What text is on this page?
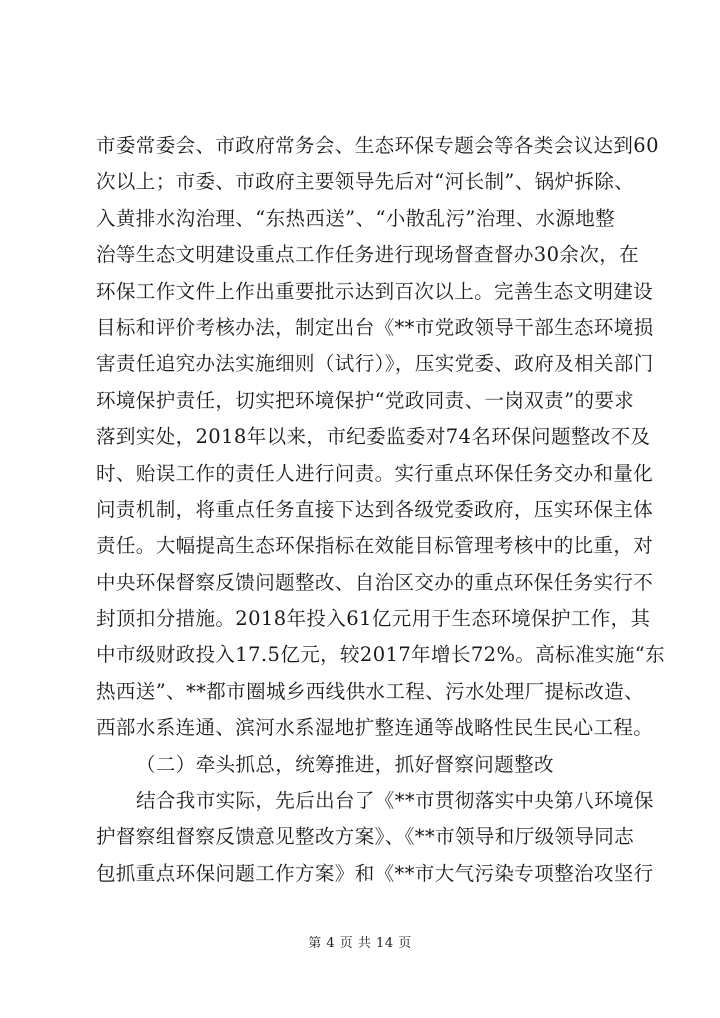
市委常委会、市政府常务会、生态环保专题会等各类会议达到60
次以上；市委、市政府主要领导先后对“河长制”、锅炉拆除、
入黄排水沟治理、“东热西送”、“小散乱污”治理、水源地整
治等生态文明建设重点工作任务进行现场督查督办30余次，在
环保工作文件上作出重要批示达到百次以上。完善生态文明建设
目标和评价考核办法，制定出台《**市党政领导干部生态环境损
害责任追究办法实施细则（试行）》，压实党委、政府及相关部门
环境保护责任，切实把环境保护“党政同责、一岗双责”的要求
落到实处，2018年以来，市纪委监委对74名环保问题整改不及
时、贻误工作的责任人进行问责。实行重点环保任务交办和量化
问责机制，将重点任务直接下达到各级党委政府，压实环保主体
责任。大幅提高生态环保指标在效能目标管理考核中的比重，对
中央环保督察反馈问题整改、自治区交办的重点环保任务实行不
封顶扣分措施。2018年投入61亿元用于生态环境保护工作，其
中市级财政投入17.5亿元，较2017年增长72%。高标准实施“东
热西送”、**都市圈城乡西线供水工程、污水处理厂提标改造、
西部水系连通、滨河水系湿地扩整连通等战略性民生民心工程。
（二）牵头抓总，统筹推进，抓好督察问题整改
结合我市实际，先后出台了《**市贯彻落实中央第八环境保
护督察组督察反馈意见整改方案》、《**市领导和厅级领导同志
包抓重点环保问题工作方案》和《**市大气污染专项整治攻坚行
第 4 页 共 14 页
